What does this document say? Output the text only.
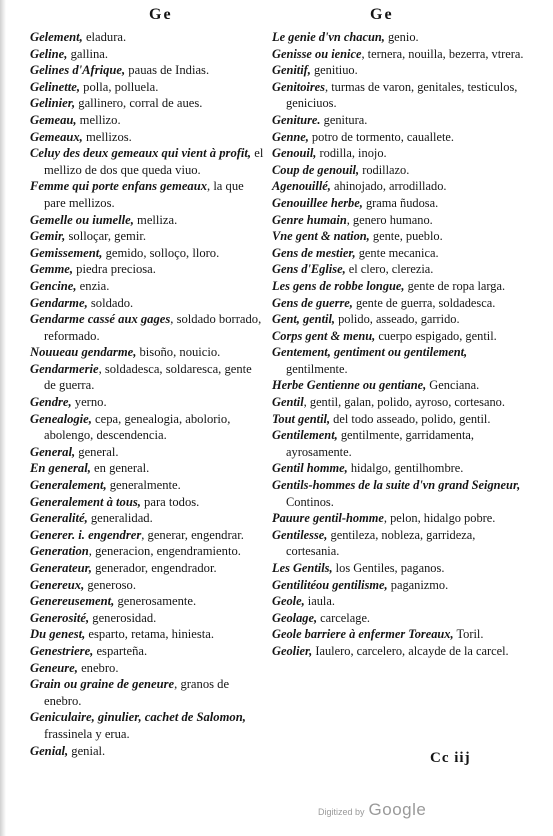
Ge	Ge
Gelement, eladura.
Geline, gallina.
Gelines d'Afrique, pauas de Indias.
Gelinette, polla, polluela.
Gelinier, gallinero, corral de aues.
Gemeau, mellizo.
Gemeaux, mellizos.
Celuy des deux gemeaux qui vient à profit, el mellizo de dos que queda viuo.
Femme qui porte enfans gemeaux, la que pare mellizos.
Gemelle ou iumelle, melliza.
Gemir, solloçar, gemir.
Gemissement, gemido, solloço, lloro.
Gemme, piedra preciosa.
Gencine, enzia.
Gendarme, soldado.
Gendarme cassé aux gages, soldado borrado, reformado.
Nouueau gendarme, bisoño, nouicio.
Gendarmerie, soldadesca, soldaresca, gente de guerra.
Gendre, yerno.
Genealogie, cepa, genealogia, abolorio, abolengo, descendencia.
General, general.
En general, en general.
Generalement, generalmente.
Generalement à tous, para todos.
Generalité, generalidad.
Generer. i. engendrer, generar, engendrar.
Generation, generacion, engendramiento.
Generateur, generador, engendrador.
Genereux, generoso.
Genereusement, generosamente.
Generosité, generosidad.
Du genest, esparto, retama, hiniesta.
Genestriere, esparteña.
Geneure, enebro.
Grain ou graine de geneure, granos de enebro.
Geniculaire, ginulier, cachet de Salomon, frassinela y erua.
Genial, genial.
Le genie d'vn chacun, genio.
Genisse ou ienice, ternera, nouilla, bezerra, vtrera.
Genitif, genitiuo.
Genitoires, turmas de varon, genitales, testiculos, geniciuos.
Geniture. genitura.
Genne, potro de tormento, cauallete.
Genouil, rodilla, inojo.
Coup de genouil, rodillazo.
Agenouillé, ahinojado, arrodillado.
Genouillee herbe, grama ñudosa.
Genre humain, genero humano.
Vne gent & nation, gente, pueblo.
Gens de mestier, gente mecanica.
Gens d'Eglise, el clero, clerezia.
Les gens de robbe longue, gente de ropa larga.
Gens de guerre, gente de guerra, soldadesca.
Gent, gentil, polido, asseado, garrido.
Corps gent & menu, cuerpo espigado, gentil.
Gentement, gentiment ou gentilement, gentilmente.
Herbe Gentienne ou gentiane, Genciana.
Gentil, gentil, galan, polido, ayroso, cortesano.
Tout gentil, del todo asseado, polido, gentil.
Gentilement, gentilmente, garridamenta, ayrosamente.
Gentil homme, hidalgo, gentilhombre.
Gentils-hommes de la suite d'vn grand Seigneur, Continos.
Pauure gentil-homme, pelon, hidalgo pobre.
Gentilesse, gentileza, nobleza, garrideza, cortesania.
Les Gentils, los Gentiles, paganos.
Gentilitéou gentilisme, paganizmo.
Geole, iaula.
Geolage, carcelage.
Geole barriere à enfermer Toreaux, Toril.
Geolier, Iaulero, carcelero, alcayde de la carcel.
Cc iij
Digitized by Google
